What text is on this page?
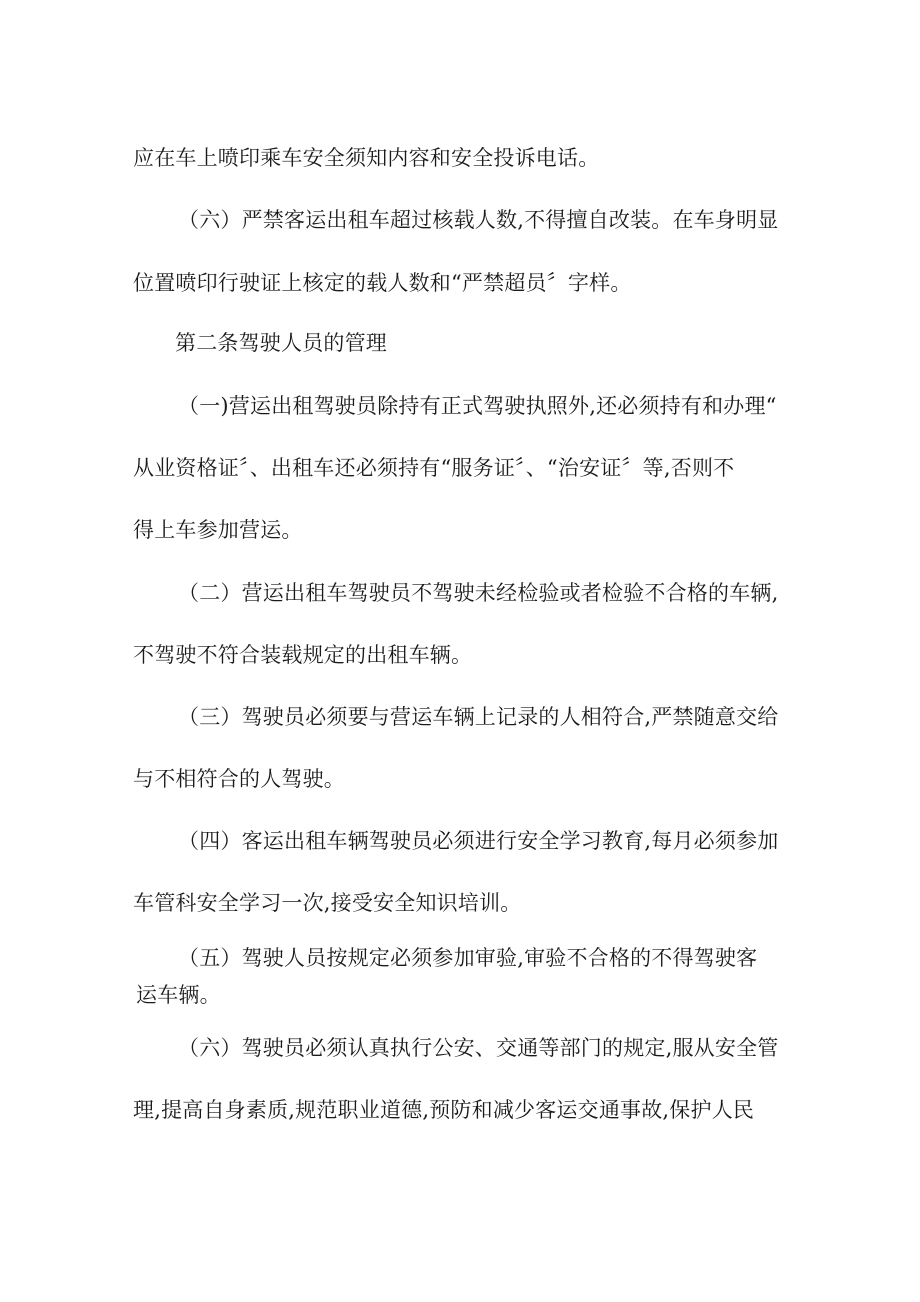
应在车上喷印乘车安全须知内容和安全投诉电话。
（六）严禁客运出租车超过核载人数,不得擅自改装。在车身明显
位置喷印行驶证上核定的载人数和“严禁超员〞字样。
第二条驾驶人员的管理
（一)营运出租驾驶员除持有正式驾驶执照外,还必须持有和办理“
从业资格证〞、出租车还必须持有“服务证〞、“治安证〞等,否则不
得上车参加营运。
（二）营运出租车驾驶员不驾驶未经检验或者检验不合格的车辆,
不驾驶不符合装载规定的出租车辆。
（三）驾驶员必须要与营运车辆上记录的人相符合,严禁随意交给
与不相符合的人驾驶。
（四）客运出租车辆驾驶员必须进行安全学习教育,每月必须参加
车管科安全学习一次,接受安全知识培训。
（五）驾驶人员按规定必须参加审验,审验不合格的不得驾驶客
运车辆。
（六）驾驶员必须认真执行公安、交通等部门的规定,服从安全管
理,提高自身素质,规范职业道德,预防和减少客运交通事故,保护人民
